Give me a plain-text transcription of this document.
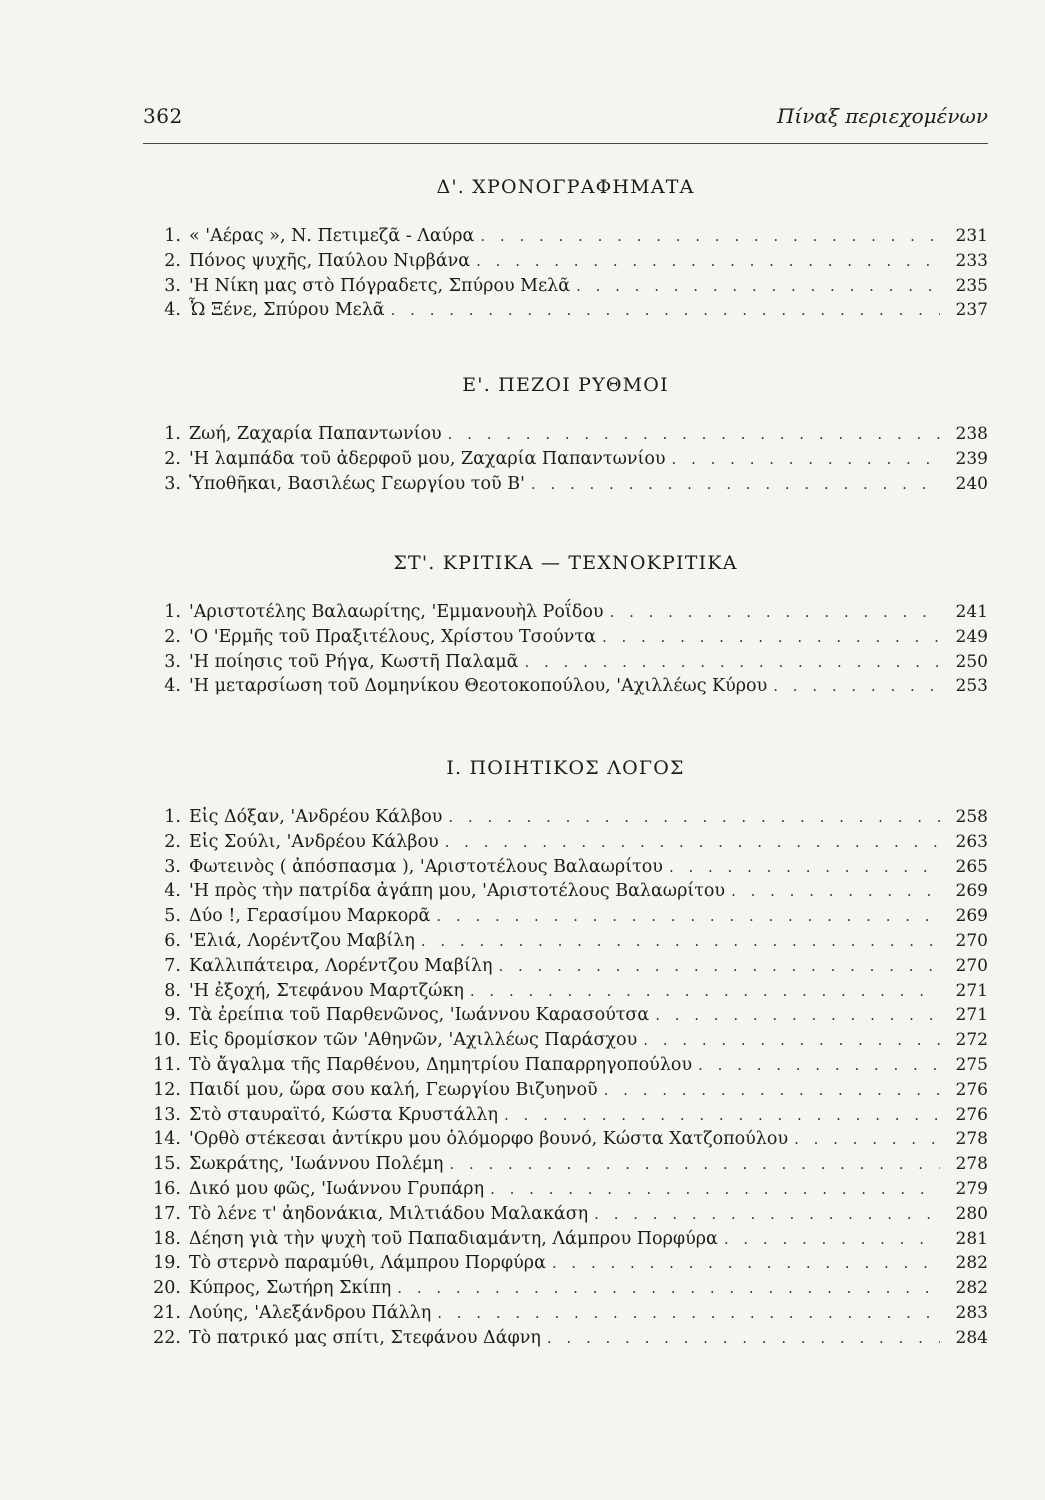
362	Πίναξ περιεχομένων
Δ'. ΧΡΟΝΟΓΡΑΦΗΜΑΤΑ
1. « 'Αέρας », Ν. Πετιμεζᾶ - Λαύρα . . .	231
2. Πόνος ψυχῆς, Παύλου Νιρβάνα . . .	233
3. 'Η Νίκη μας στὸ Πόγραδετς, Σπύρου Μελᾶ . . .	235
4. Ὦ Ξένε, Σπύρου Μελᾶ . . .	237
Ε'. ΠΕΖΟΙ ΡΥΘΜΟΙ
1. Ζωή, Ζαχαρία Παπαντωνίου . . .	238
2. 'Η λαμπάδα τοῦ ἀδερφοῦ μου, Ζαχαρία Παπαντωνίου . . .	239
3. Ὑποθῆκαι, Βασιλέως Γεωργίου τοῦ Β' . . .	240
ΣΤ'. ΚΡΙΤΙΚΑ — ΤΕΧΝΟΚΡΙΤΙΚΑ
1. 'Αριστοτέλης Βαλαωρίτης, 'Εμμανουὴλ Ροΐδου . . .	241
2. 'Ο 'Ερμῆς τοῦ Πραξιτέλους, Χρίστου Τσούντα . . .	249
3. 'Η ποίησις τοῦ Ρήγα, Κωστῆ Παλαμᾶ . . .	250
4. 'Η μεταρσίωση τοῦ Δομηνίκου Θεοτοκοπούλου, 'Αχιλλέως Κύρου . . .	253
Ι. ΠΟΙΗΤΙΚΟΣ ΛΟΓΟΣ
1. Εἰς Δόξαν, 'Ανδρέου Κάλβου . . .	258
2. Εἰς Σούλι, 'Ανδρέου Κάλβου . . .	263
3. Φωτεινὸς ( ἀπόσπασμα ), 'Αριστοτέλους Βαλαωρίτου . . .	265
4. 'Η πρὸς τὴν πατρίδα ἀγάπη μου, 'Αριστοτέλους Βαλαωρίτου . . .	269
5. Δύο !, Γερασίμου Μαρκορᾶ . . .	269
6. 'Ελιά, Λορέντζου Μαβίλη . . .	270
7. Καλλιπάτειρα, Λορέντζου Μαβίλη . . .	270
8. 'Η ἐξοχή, Στεφάνου Μαρτζώκη . . .	271
9. Τὰ ἐρείπια τοῦ Παρθενῶνος, 'Ιωάννου Καρασούτσα . . .	271
10. Εἰς δρομίσκον τῶν 'Αθηνῶν, 'Αχιλλέως Παράσχου . . .	272
11. Τὸ ἄγαλμα τῆς Παρθένου, Δημητρίου Παπαρρηγοπούλου . . .	275
12. Παιδί μου, ὥρα σου καλή, Γεωργίου Βιζυηνοῦ . . .	276
13. Στὸ σταυραϊτό, Κώστα Κρυστάλλη . . .	276
14. 'Ορθὸ στέκεσαι ἀντίκρυ μου ὁλόμορφο βουνό, Κώστα Χατζοπούλου . . .	278
15. Σωκράτης, 'Ιωάννου Πολέμη . . .	278
16. Δικό μου φῶς, 'Ιωάννου Γρυπάρη . . .	279
17. Τὸ λένε τ' ἀηδονάκια, Μιλτιάδου Μαλακάση . . .	280
18. Δέηση γιὰ τὴν ψυχὴ τοῦ Παπαδιαμάντη, Λάμπρου Πορφύρα . . .	281
19. Τὸ στερνὸ παραμύθι, Λάμπρου Πορφύρα . . .	282
20. Κύπρος, Σωτήρη Σκίπη . . .	282
21. Λούης, 'Αλεξάνδρου Πάλλη . . .	283
22. Τὸ πατρικό μας σπίτι, Στεφάνου Δάφνη . . .	284
